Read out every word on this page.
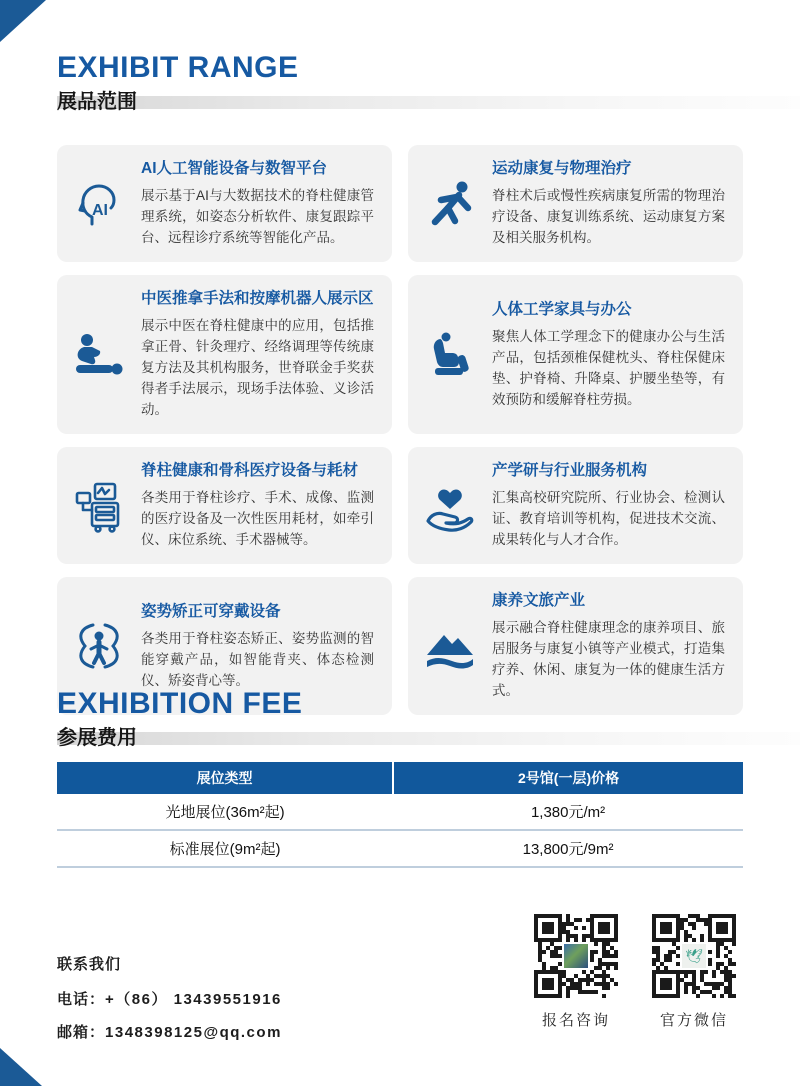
EXHIBIT RANGE
展品范围
AI

AI人工智能设备与数智平台

展示基于AI与大数据技术的脊柱健康管理系统，如姿态分析软件、康复跟踪平台、远程诊疗系统等智能化产品。

运动康复与物理治疗

脊柱术后或慢性疾病康复所需的物理治疗设备、康复训练系统、运动康复方案及相关服务机构。

中医推拿手法和按摩机器人展示区

展示中医在脊柱健康中的应用，包括推拿正骨、针灸理疗、经络调理等传统康复方法及其机构服务，世脊联金手奖获得者手法展示，现场手法体验、义诊活动。

人体工学家具与办公

聚焦人体工学理念下的健康办公与生活产品，包括颈椎保健枕头、脊柱保健床垫、护脊椅、升降桌、护腰坐垫等，有效预防和缓解脊柱劳损。

脊柱健康和骨科医疗设备与耗材

各类用于脊柱诊疗、手术、成像、监测的医疗设备及一次性医用耗材，如牵引仪、床位系统、手术器械等。

产学研与行业服务机构

汇集高校研究院所、行业协会、检测认证、教育培训等机构，促进技术交流、成果转化与人才合作。

姿势矫正可穿戴设备

各类用于脊柱姿态矫正、姿势监测的智能穿戴产品，如智能背夹、体态检测仪、矫姿背心等。

康养文旅产业

展示融合脊柱健康理念的康养项目、旅居服务与康复小镇等产业模式，打造集疗养、休闲、康复为一体的健康生活方式。

EXHIBITION FEE
参展费用
展位类型	2号馆(一层)价格
光地展位(36m²起)	1,380元/m²
标准展位(9m²起)	13,800元/9m²
联系我们
电话：+（86） 13439551916
邮箱：1348398125@qq.com
报名咨询
🕊
官方微信
